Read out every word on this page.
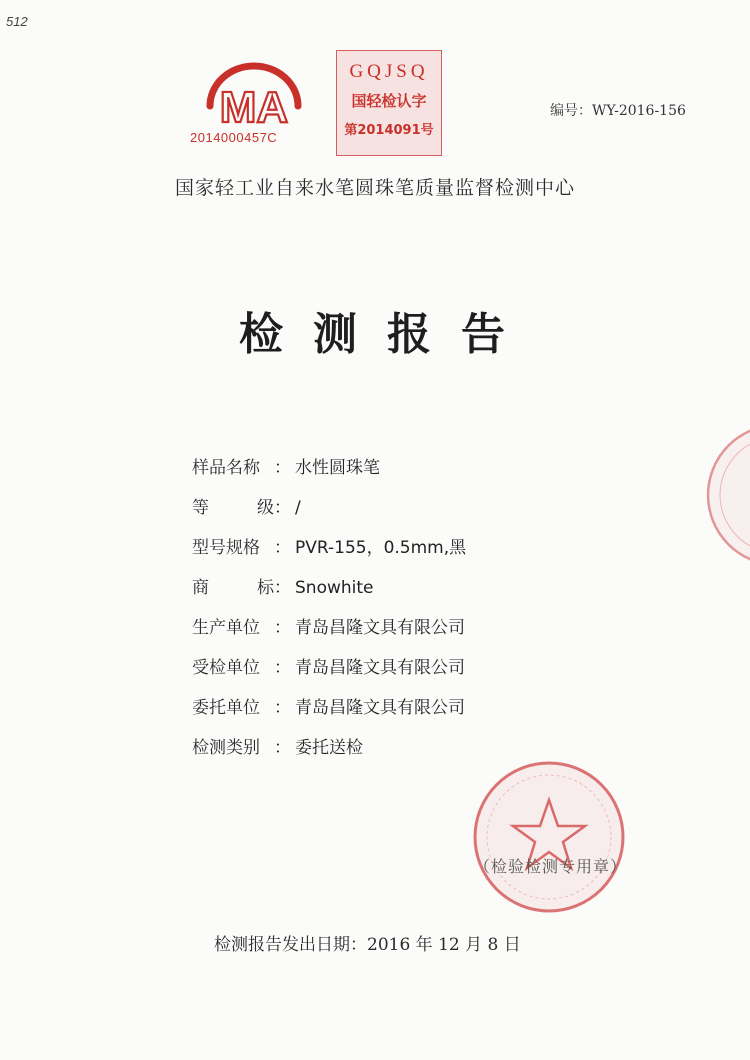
512
MA
2014000457C
GQJSQ
国轻检认字
第2014091号
编号：WY-2016-156
国家轻工业自来水笔圆珠笔质量监督检测中心
检测报告
样品名称 ： 水性圆珠笔
等 级： /
型号规格 ： PVR-155，0.5mm,黑
商 标： Snowhite
生产单位 ： 青岛昌隆文具有限公司
受检单位 ： 青岛昌隆文具有限公司
委托单位 ： 青岛昌隆文具有限公司
检测类别 ： 委托送检
（检验检测专用章）
检测报告发出日期：2016 年 12 月 8 日
